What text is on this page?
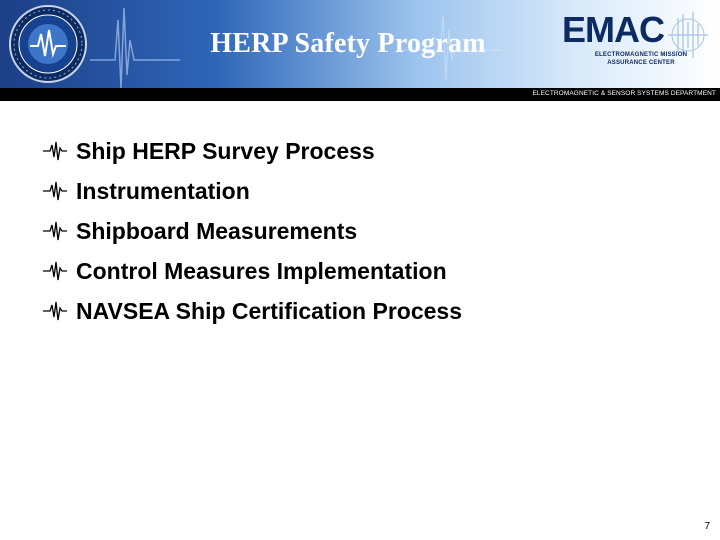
HERP Safety Program	EMAC
ELECTROMAGNETIC MISSION
ASSURANCE CENTER
ELECTROMAGNETIC & SENSOR SYSTEMS DEPARTMENT
Ship HERP Survey Process
Instrumentation
Shipboard Measurements
Control Measures Implementation
NAVSEA Ship Certification Process
7
